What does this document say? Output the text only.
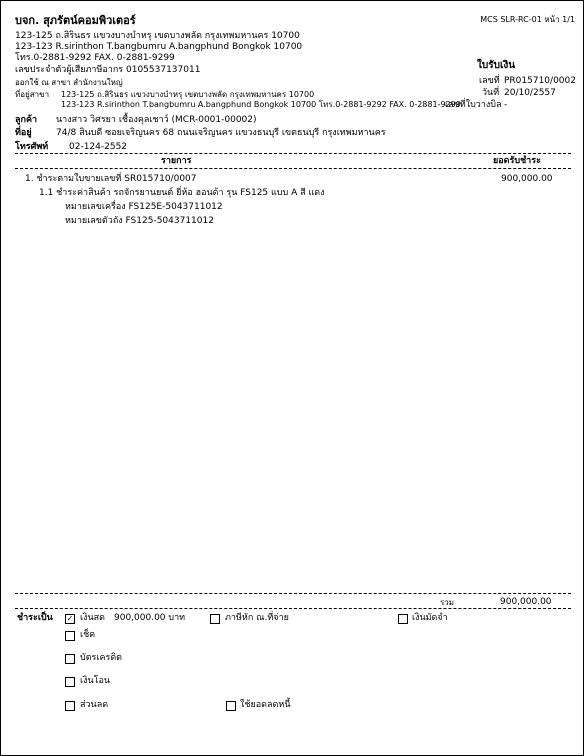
บจก. สุภรัตน์คอมพิวเตอร์	MCS SLR-RC-01 หน้า 1/1
123-125 ถ.สิรินธร แขวงบางบำหรุ เขตบางพลัด กรุงเทพมหานคร 10700
123-123 R.sirinthon T.bangbumru A.bangphund Bongkok 10700
โทร.0-2881-9292 FAX. 0-2881-9299
เลขประจำตัวผู้เสียภาษีอากร 0105537137011
ออกใช้ ณ สาขา สำนักงานใหญ่
ที่อยู่สาขา 123-125 ถ.สิรินธร แขวงบางบำหรุ เขตบางพลัด กรุงเทพมหานคร 10700
123-123 R.sirinthon T.bangbumru A.bangphund Bongkok 10700 โทร.0-2881-9292 FAX. 0-2881-9299
ใบรับเงิน
เลขที่ PR015710/0002
วันที่ 20/10/2557
เลขที่ใบวางบิล -
ลูกค้า นางสาว วิศรยา เชื้องคุลเชาว์ (MCR-0001-00002)
ที่อยู่	74/8 สินบดี ซอยเจริญนคร 68 ถนนเจริญนคร แขวงธนบุรี เขตธนบุรี กรุงเทพมหานคร
โทรศัพท์ 02-124-2552
รายการ	ยอดรับชำระ
1. ชำระตามใบขายเลขที่ SR015710/0007	900,000.00
1.1 ชำระค่าสินค้า รถจักรยานยนต์ ยี่ห้อ ฮอนด้า รุน FS125 แบบ A สี แดง
หมายเลขเครื่อง FS125E-5043711012
หมายเลขตัวถัง FS125-5043711012
รวม	900,000.00
ชำระเป็น ✓ เงินสด 900,000.00 บาท	ภาษีหัก ณ.ที่จ่าย	เงินมัดจำ
เช็ค
บัตรเครดิต
เงินโอน
ส่วนลด	ใช้ยอดลดหนี้
